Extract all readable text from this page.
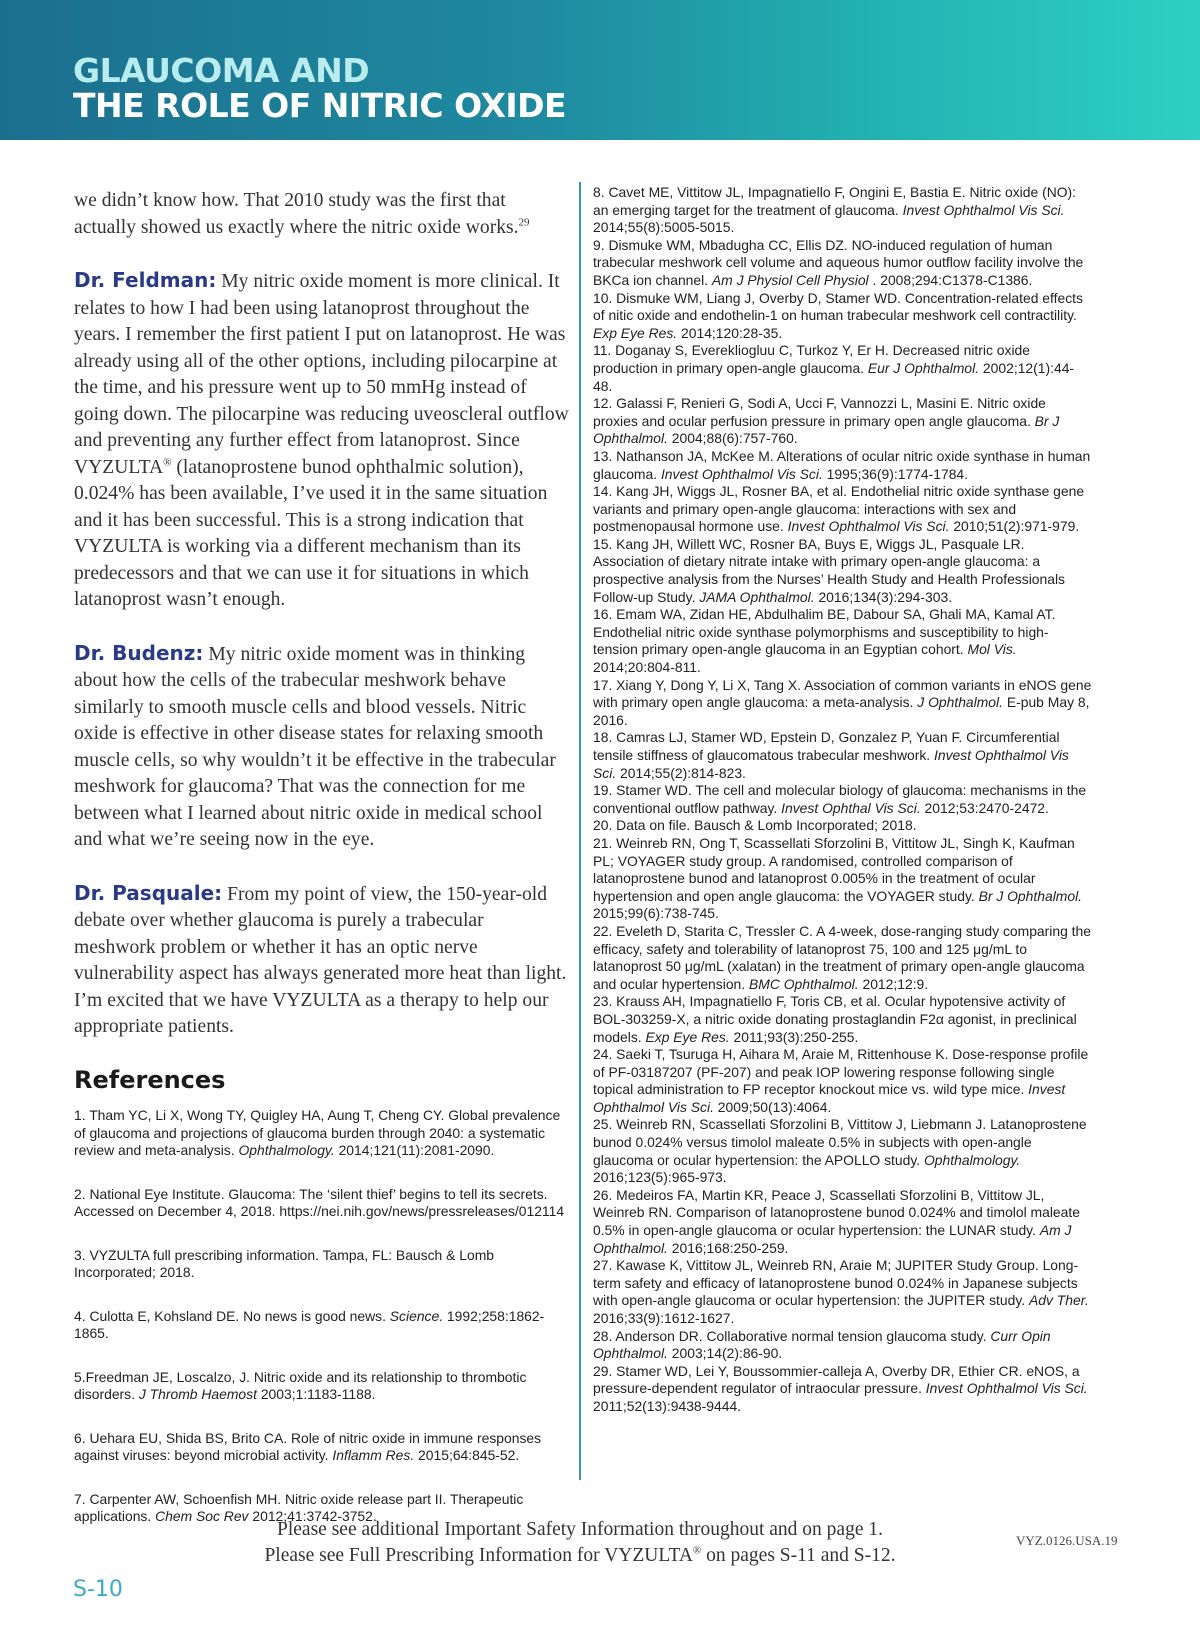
GLAUCOMA AND
THE ROLE OF NITRIC OXIDE

we didn’t know how. That 2010 study was the first that actually showed us exactly where the nitric oxide works.$^{29}$

Dr. Feldman: My nitric oxide moment is more clinical. It relates to how I had been using latanoprost throughout the years. I remember the first patient I put on latanoprost. He was already using all of the other options, including pilocarpine at the time, and his pressure went up to 50 mmHg instead of going down. The pilocarpine was reducing uveoscleral outflow and preventing any further effect from latanoprost. Since VYZULTA® (latanoprostene bunod ophthalmic solution), 0.024% has been available, I’ve used it in the same situation and it has been successful. This is a strong indication that VYZULTA is working via a different mechanism than its predecessors and that we can use it for situations in which latanoprost wasn’t enough.

Dr. Budenz: My nitric oxide moment was in thinking about how the cells of the trabecular meshwork behave similarly to smooth muscle cells and blood vessels. Nitric oxide is effective in other disease states for relaxing smooth muscle cells, so why wouldn’t it be effective in the trabecular meshwork for glaucoma? That was the connection for me between what I learned about nitric oxide in medical school and what we’re seeing now in the eye.

Dr. Pasquale: From my point of view, the 150-year-old debate over whether glaucoma is purely a trabecular meshwork problem or whether it has an optic nerve vulnerability aspect has always generated more heat than light. I’m excited that we have VYZULTA as a therapy to help our appropriate patients.

References

1. Tham YC, Li X, Wong TY, Quigley HA, Aung T, Cheng CY. Global prevalence of glaucoma and projections of glaucoma burden through 2040: a systematic review and meta-analysis. Ophthalmology. 2014;121(11):2081-2090.

2. National Eye Institute. Glaucoma: The ‘silent thief’ begins to tell its secrets. Accessed on December 4, 2018. https://nei.nih.gov/news/pressreleases/012114

3. VYZULTA full prescribing information. Tampa, FL: Bausch & Lomb Incorporated; 2018.

4. Culotta E, Kohsland DE. No news is good news. Science. 1992;258:1862-1865.

5.Freedman JE, Loscalzo, J. Nitric oxide and its relationship to thrombotic disorders. J Thromb Haemost 2003;1:1183-1188.

6. Uehara EU, Shida BS, Brito CA. Role of nitric oxide in immune responses against viruses: beyond microbial activity. Inflamm Res. 2015;64:845-52.

7. Carpenter AW, Schoenfish MH. Nitric oxide release part II. Therapeutic applications. Chem Soc Rev 2012;41:3742-3752.

8. Cavet ME, Vittitow JL, Impagnatiello F, Ongini E, Bastia E. Nitric oxide (NO): an emerging target for the treatment of glaucoma. Invest Ophthalmol Vis Sci. 2014;55(8):5005-5015.

9. Dismuke WM, Mbadugha CC, Ellis DZ. NO-induced regulation of human trabecular meshwork cell volume and aqueous humor outflow facility involve the BKCa ion channel. Am J Physiol Cell Physiol . 2008;294:C1378-C1386.

10. Dismuke WM, Liang J, Overby D, Stamer WD. Concentration-related effects of nitic oxide and endothelin-1 on human trabecular meshwork cell contractility. Exp Eye Res. 2014;120:28-35.

11. Doganay S, Everekliogluu C, Turkoz Y, Er H. Decreased nitric oxide production in primary open-angle glaucoma. Eur J Ophthalmol. 2002;12(1):44-48.

12. Galassi F, Renieri G, Sodi A, Ucci F, Vannozzi L, Masini E. Nitric oxide proxies and ocular perfusion pressure in primary open angle glaucoma. Br J Ophthalmol. 2004;88(6):757-760.

13. Nathanson JA, McKee M. Alterations of ocular nitric oxide synthase in human glaucoma. Invest Ophthalmol Vis Sci. 1995;36(9):1774-1784.

14. Kang JH, Wiggs JL, Rosner BA, et al. Endothelial nitric oxide synthase gene variants and primary open-angle glaucoma: interactions with sex and postmenopausal hormone use. Invest Ophthalmol Vis Sci. 2010;51(2):971-979.

15. Kang JH, Willett WC, Rosner BA, Buys E, Wiggs JL, Pasquale LR. Association of dietary nitrate intake with primary open-angle glaucoma: a prospective analysis from the Nurses’ Health Study and Health Professionals Follow-up Study. JAMA Ophthalmol. 2016;134(3):294-303.

16. Emam WA, Zidan HE, Abdulhalim BE, Dabour SA, Ghali MA, Kamal AT. Endothelial nitric oxide synthase polymorphisms and susceptibility to high-tension primary open-angle glaucoma in an Egyptian cohort. Mol Vis. 2014;20:804-811.

17. Xiang Y, Dong Y, Li X, Tang X. Association of common variants in eNOS gene with primary open angle glaucoma: a meta-analysis. J Ophthalmol. E-pub May 8, 2016.

18. Camras LJ, Stamer WD, Epstein D, Gonzalez P, Yuan F. Circumferential tensile stiffness of glaucomatous trabecular meshwork. Invest Ophthalmol Vis Sci. 2014;55(2):814-823.

19. Stamer WD. The cell and molecular biology of glaucoma: mechanisms in the conventional outflow pathway. Invest Ophthal Vis Sci. 2012;53:2470-2472.

20. Data on file. Bausch & Lomb Incorporated; 2018.

21. Weinreb RN, Ong T, Scassellati Sforzolini B, Vittitow JL, Singh K, Kaufman PL; VOYAGER study group. A randomised, controlled comparison of latanoprostene bunod and latanoprost 0.005% in the treatment of ocular hypertension and open angle glaucoma: the VOYAGER study. Br J Ophthalmol. 2015;99(6):738-745.

22. Eveleth D, Starita C, Tressler C. A 4-week, dose-ranging study comparing the efficacy, safety and tolerability of latanoprost 75, 100 and 125 μg/mL to latanoprost 50 μg/mL (xalatan) in the treatment of primary open-angle glaucoma and ocular hypertension. BMC Ophthalmol. 2012;12:9.

23. Krauss AH, Impagnatiello F, Toris CB, et al. Ocular hypotensive activity of BOL-303259-X, a nitric oxide donating prostaglandin F2α agonist, in preclinical models. Exp Eye Res. 2011;93(3):250-255.

24. Saeki T, Tsuruga H, Aihara M, Araie M, Rittenhouse K. Dose-response profile of PF-03187207 (PF-207) and peak IOP lowering response following single topical administration to FP receptor knockout mice vs. wild type mice. Invest Ophthalmol Vis Sci. 2009;50(13):4064.

25. Weinreb RN, Scassellati Sforzolini B, Vittitow J, Liebmann J. Latanoprostene bunod 0.024% versus timolol maleate 0.5% in subjects with open-angle glaucoma or ocular hypertension: the APOLLO study. Ophthalmology. 2016;123(5):965-973.

26. Medeiros FA, Martin KR, Peace J, Scassellati Sforzolini B, Vittitow JL, Weinreb RN. Comparison of latanoprostene bunod 0.024% and timolol maleate 0.5% in open-angle glaucoma or ocular hypertension: the LUNAR study. Am J Ophthalmol. 2016;168:250-259.

27. Kawase K, Vittitow JL, Weinreb RN, Araie M; JUPITER Study Group. Long-term safety and efficacy of latanoprostene bunod 0.024% in Japanese subjects with open-angle glaucoma or ocular hypertension: the JUPITER study. Adv Ther. 2016;33(9):1612-1627.

28. Anderson DR. Collaborative normal tension glaucoma study. Curr Opin Ophthalmol. 2003;14(2):86-90.

29. Stamer WD, Lei Y, Boussommier-calleja A, Overby DR, Ethier CR. eNOS, a pressure-dependent regulator of intraocular pressure. Invest Ophthalmol Vis Sci. 2011;52(13):9438-9444.

Please see additional Important Safety Information throughout and on page 1.
Please see Full Prescribing Information for VYZULTA® on pages S-11 and S-12.
VYZ.0126.USA.19
S-10
